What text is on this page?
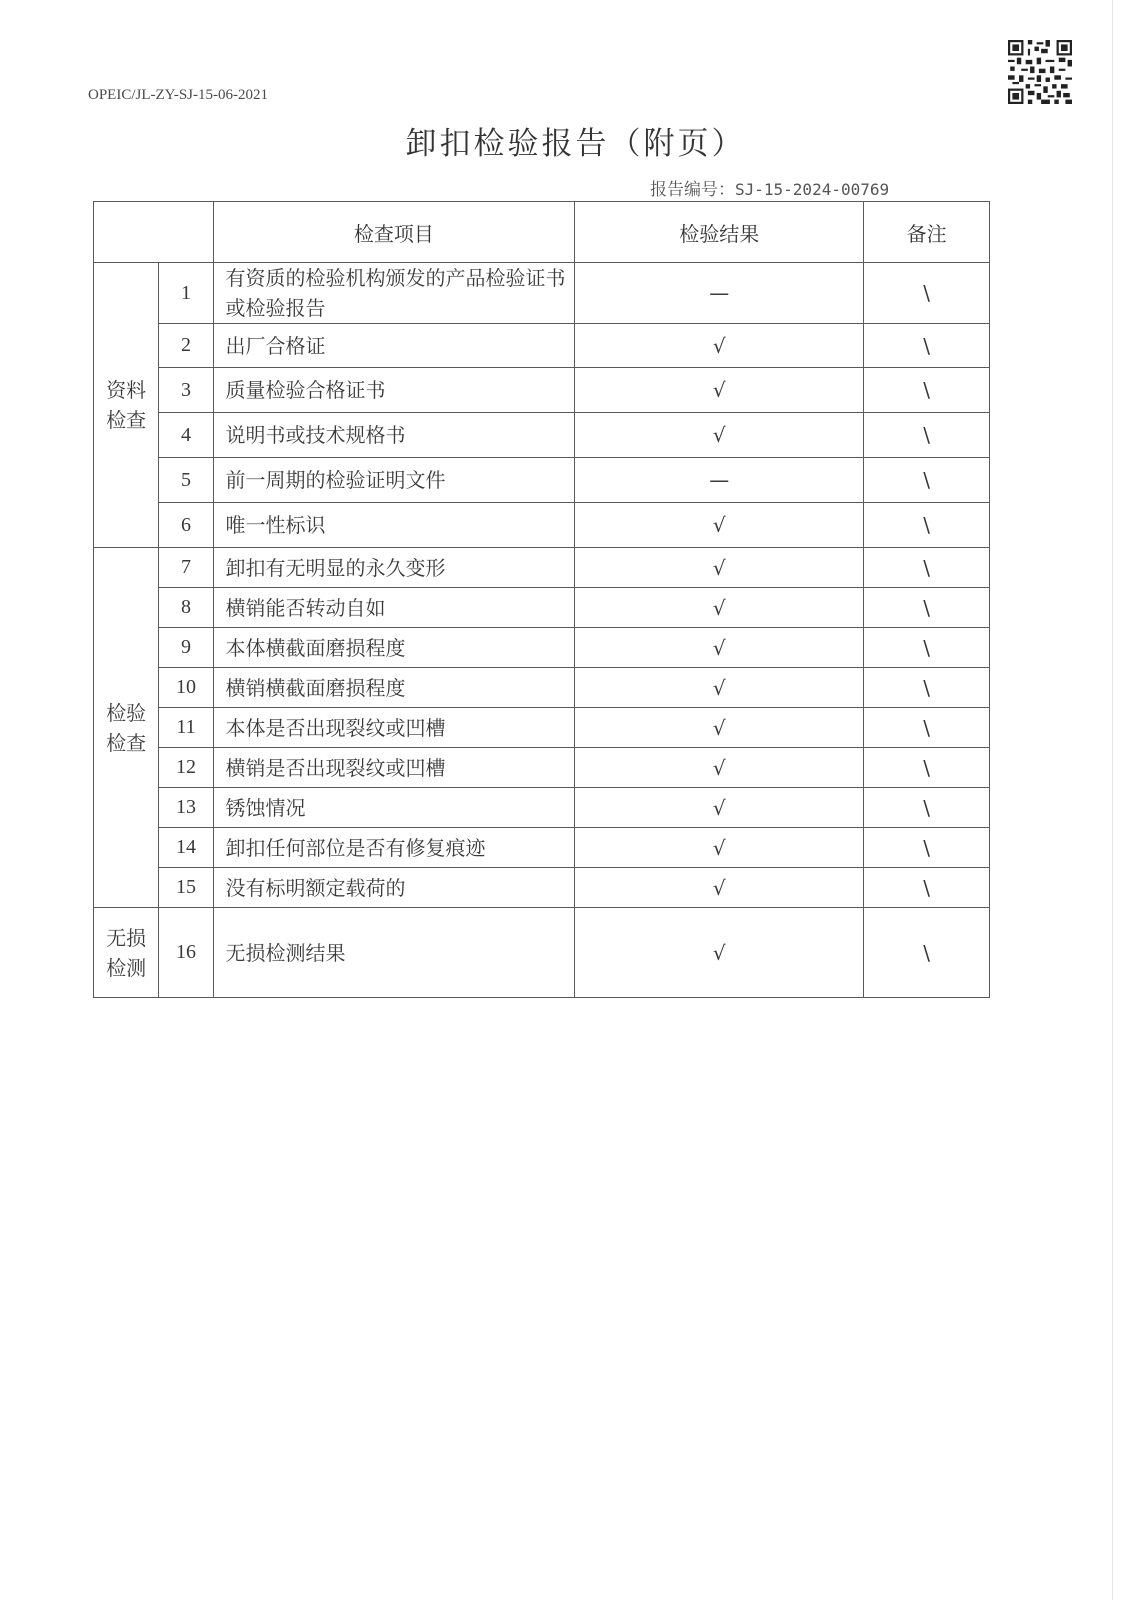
OPEIC/JL-ZY-SJ-15-06-2021
卸扣检验报告（附页）
报告编号：SJ-15-2024-00769
		检查项目	检验结果	备注
资料检查	1	有资质的检验机构颁发的产品检验证书或检验报告	—	\
	2	出厂合格证	√	\
	3	质量检验合格证书	√	\
	4	说明书或技术规格书	√	\
	5	前一周期的检验证明文件	—	\
	6	唯一性标识	√	\
检验检查	7	卸扣有无明显的永久变形	√	\
	8	横销能否转动自如	√	\
	9	本体横截面磨损程度	√	\
	10	横销横截面磨损程度	√	\
	11	本体是否出现裂纹或凹槽	√	\
	12	横销是否出现裂纹或凹槽	√	\
	13	锈蚀情况	√	\
	14	卸扣任何部位是否有修复痕迹	√	\
	15	没有标明额定载荷的	√	\
无损检测	16	无损检测结果	√	\
